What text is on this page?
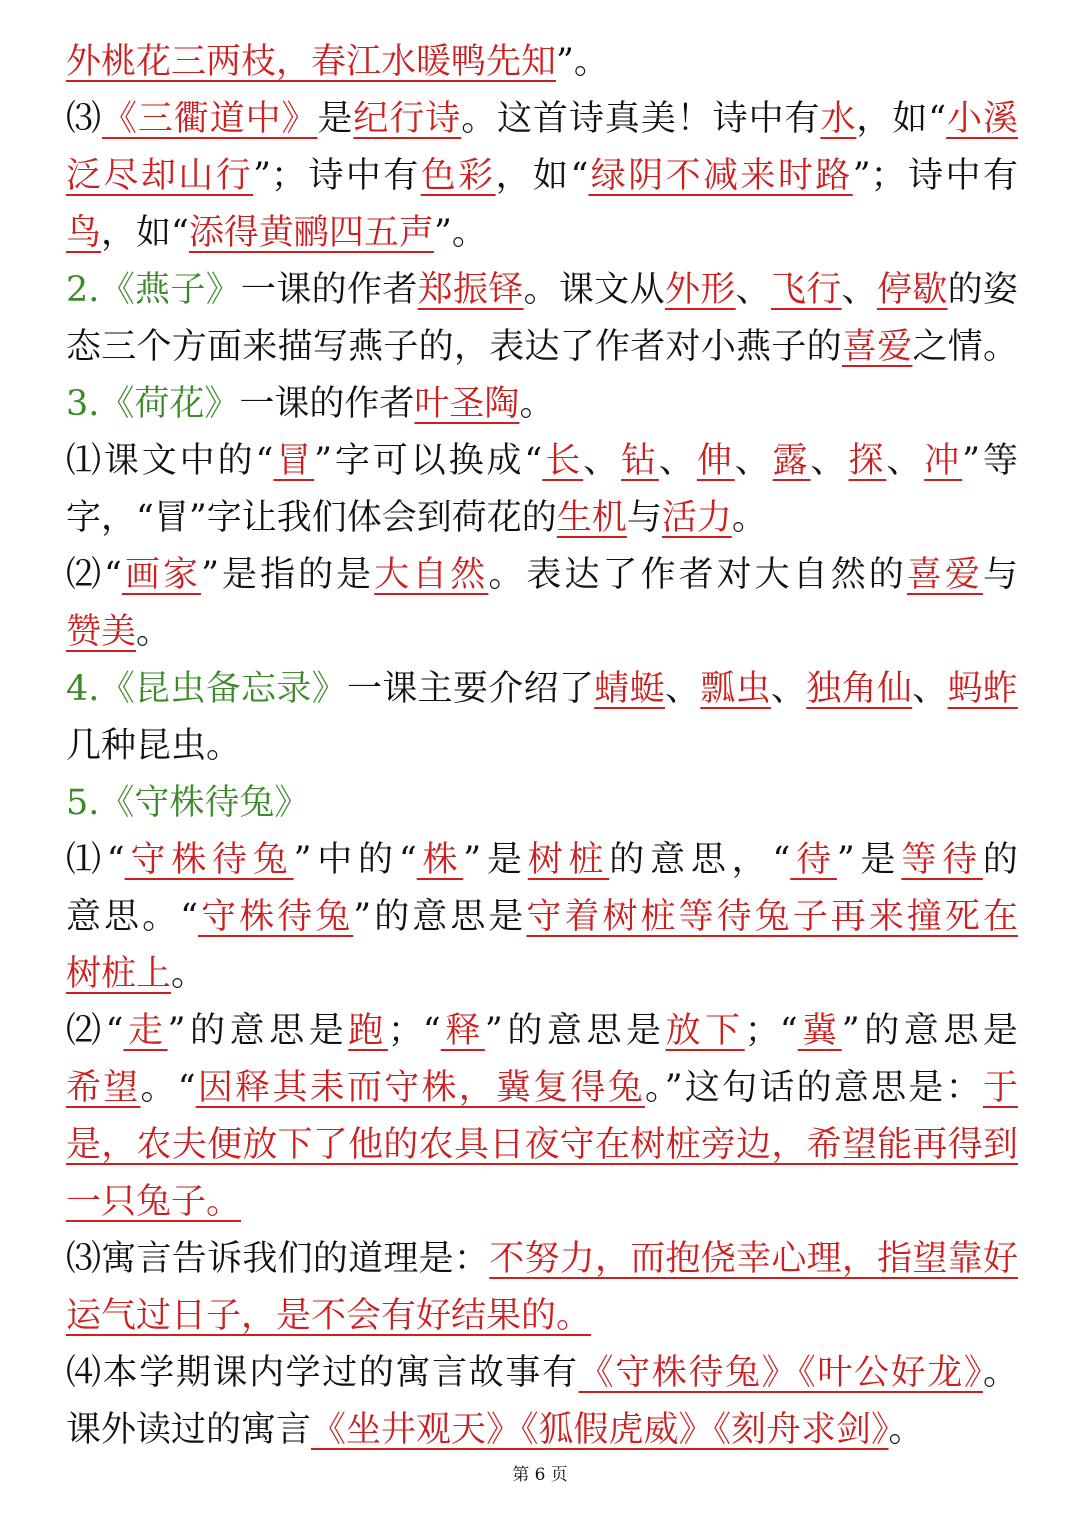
外桃花三两枝，春江水暖鸭先知”。
⑶《三衢道中》是纪行诗。这首诗真美！诗中有水，如“小溪
泛尽却山行”；诗中有色彩，如“绿阴不减来时路”；诗中有
鸟，如“添得黄鹂四五声”。
2.《燕子》一课的作者郑振铎。课文从外形、飞行、停歇的姿
态三个方面来描写燕子的，表达了作者对小燕子的喜爱之情。
3.《荷花》一课的作者叶圣陶。
⑴课文中的“冒”字可以换成“长、钻、伸、露、探、冲”等
字，“冒”字让我们体会到荷花的生机与活力。
⑵“画家”是指的是大自然。表达了作者对大自然的喜爱与
赞美。
4.《昆虫备忘录》一课主要介绍了蜻蜓、瓢虫、独角仙、蚂蚱
几种昆虫。
5.《守株待兔》
⑴“守株待兔”中的“株”是树桩的意思，“待”是等待的
意思。“守株待兔”的意思是守着树桩等待兔子再来撞死在
树桩上。
⑵“走”的意思是跑；“释”的意思是放下；“冀”的意思是
希望。“因释其耒而守株，冀复得兔。”这句话的意思是：于
是，农夫便放下了他的农具日夜守在树桩旁边，希望能再得到
一只兔子。
⑶寓言告诉我们的道理是：不努力，而抱侥幸心理，指望靠好
运气过日子，是不会有好结果的。
⑷本学期课内学过的寓言故事有《守株待兔》《叶公好龙》。
课外读过的寓言《坐井观天》《狐假虎威》《刻舟求剑》。
第 6 页
